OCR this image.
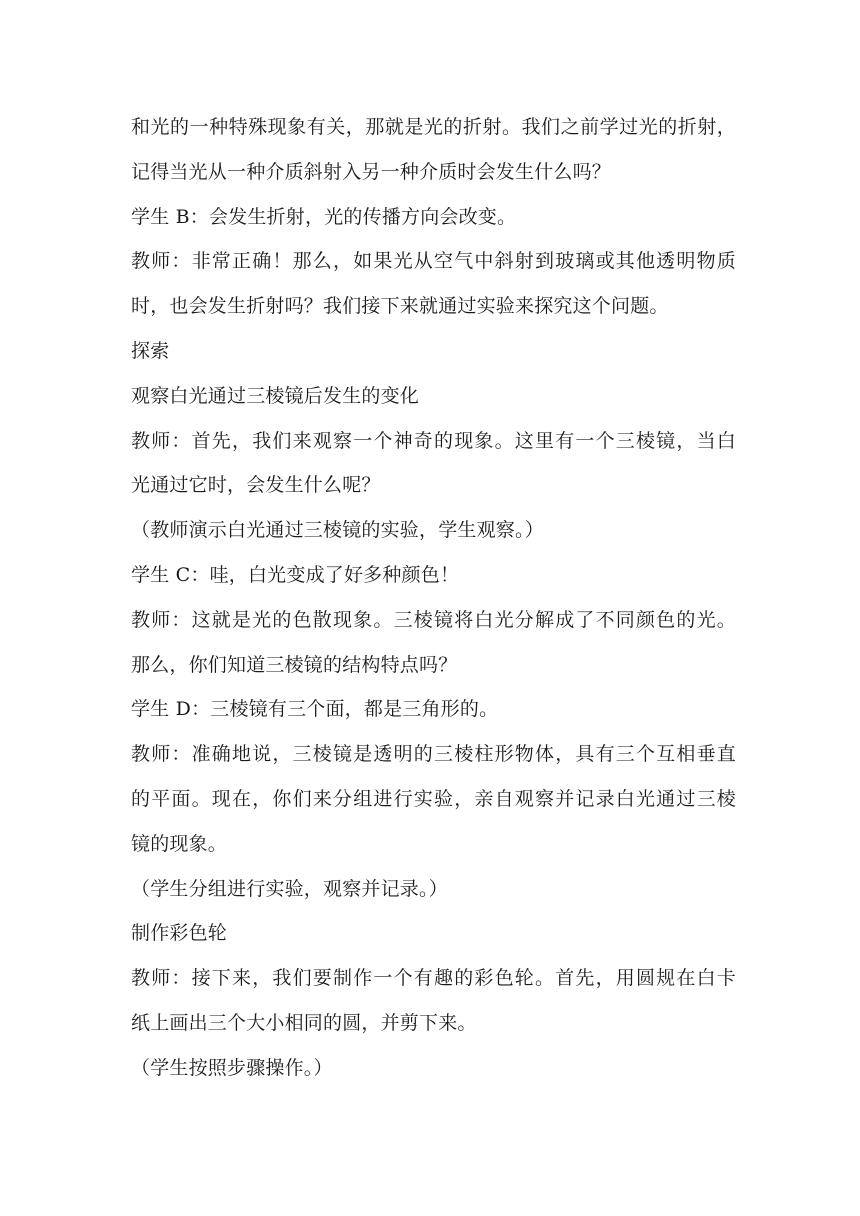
和光的一种特殊现象有关，那就是光的折射。我们之前学过光的折射，
记得当光从一种介质斜射入另一种介质时会发生什么吗？
学生 B：会发生折射，光的传播方向会改变。
教师：非常正确！那么，如果光从空气中斜射到玻璃或其他透明物质
时，也会发生折射吗？我们接下来就通过实验来探究这个问题。
探索
观察白光通过三棱镜后发生的变化
教师：首先，我们来观察一个神奇的现象。这里有一个三棱镜，当白
光通过它时，会发生什么呢？
（教师演示白光通过三棱镜的实验，学生观察。）
学生 C：哇，白光变成了好多种颜色！
教师：这就是光的色散现象。三棱镜将白光分解成了不同颜色的光。
那么，你们知道三棱镜的结构特点吗？
学生 D：三棱镜有三个面，都是三角形的。
教师：准确地说，三棱镜是透明的三棱柱形物体，具有三个互相垂直
的平面。现在，你们来分组进行实验，亲自观察并记录白光通过三棱
镜的现象。
（学生分组进行实验，观察并记录。）
制作彩色轮
教师：接下来，我们要制作一个有趣的彩色轮。首先，用圆规在白卡
纸上画出三个大小相同的圆，并剪下来。
（学生按照步骤操作。）
